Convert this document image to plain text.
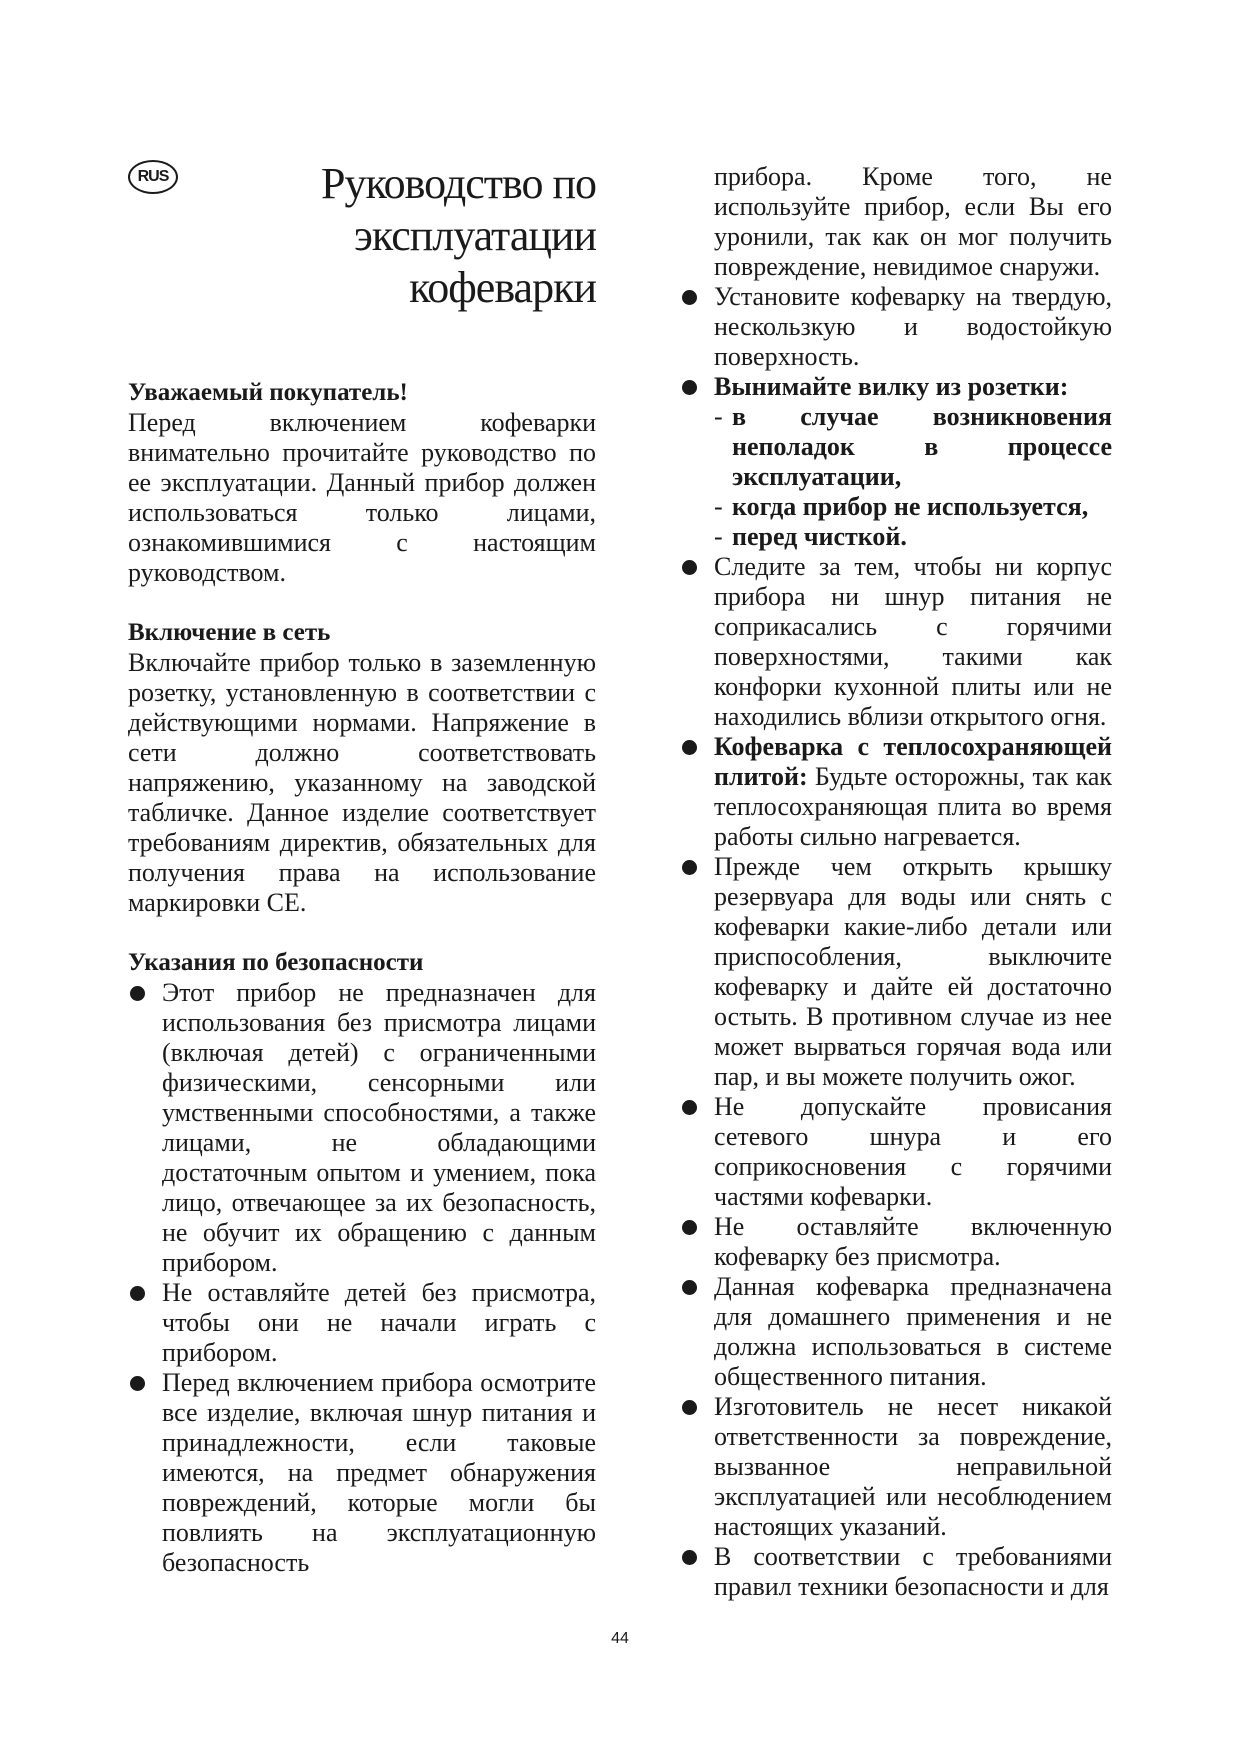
RUS	Руководство по
эксплуатации
кофеварки

Уважаемый покупатель!

Перед включением кофеварки внимательно прочитайте руководство по ее эксплуатации. Данный прибор должен использоваться только лицами, ознакомившимися с настоящим руководством.

Включение в сеть

Включайте прибор только в заземленную розетку, установленную в соответствии с действующими нормами. Напряжение в сети должно соответствовать напряжению, указанному на заводской табличке. Данное изделие соответствует требованиям директив, обязательных для получения права на использование маркировки CE.

Указания по безопасности

Этот прибор не предназначен для использования без присмотра лицами (включая детей) с ограниченными физическими, сенсорными или умственными способностями, а также лицами, не обладающими достаточным опытом и умением, пока лицо, отвечающее за их безопасность, не обучит их обращению с данным прибором.
Не оставляйте детей без присмотра, чтобы они не начали играть с прибором.
Перед включением прибора осмотрите все изделие, включая шнур питания и принадлежности, если таковые имеются, на предмет обнаружения повреждений, которые могли бы повлиять на эксплуатационную безопасность
прибора. Кроме того, не используйте прибор, если Вы его уронили, так как он мог получить повреждение, невидимое снаружи.
Установите кофеварку на твердую, нескользкую и водостойкую поверхность.
Вынимайте вилку из розетки:
- в случае возникновения неполадок в процессе эксплуатации,
- когда прибор не используется,
- перед чисткой.
Следите за тем, чтобы ни корпус прибора ни шнур питания не соприкасались с горячими поверхностями, такими как конфорки кухонной плиты или не находились вблизи открытого огня.
Кофеварка с теплосохраняющей плитой: Будьте осторожны, так как теплосохраняющая плита во время работы сильно нагревается.
Прежде чем открыть крышку резервуара для воды или снять с кофеварки какие-либо детали или приспособления, выключите кофеварку и дайте ей достаточно остыть. В противном случае из нее может вырваться горячая вода или пар, и вы можете получить ожог.
Не допускайте провисания сетевого шнура и его соприкосновения с горячими частями кофеварки.
Не оставляйте включенную кофеварку без присмотра.
Данная кофеварка предназначена для домашнего применения и не должна использоваться в системе общественного питания.
Изготовитель не несет никакой ответственности за повреждение, вызванное неправильной эксплуатацией или несоблюдением настоящих указаний.
В соответствии с требованиями правил техники безопасности и для
44
